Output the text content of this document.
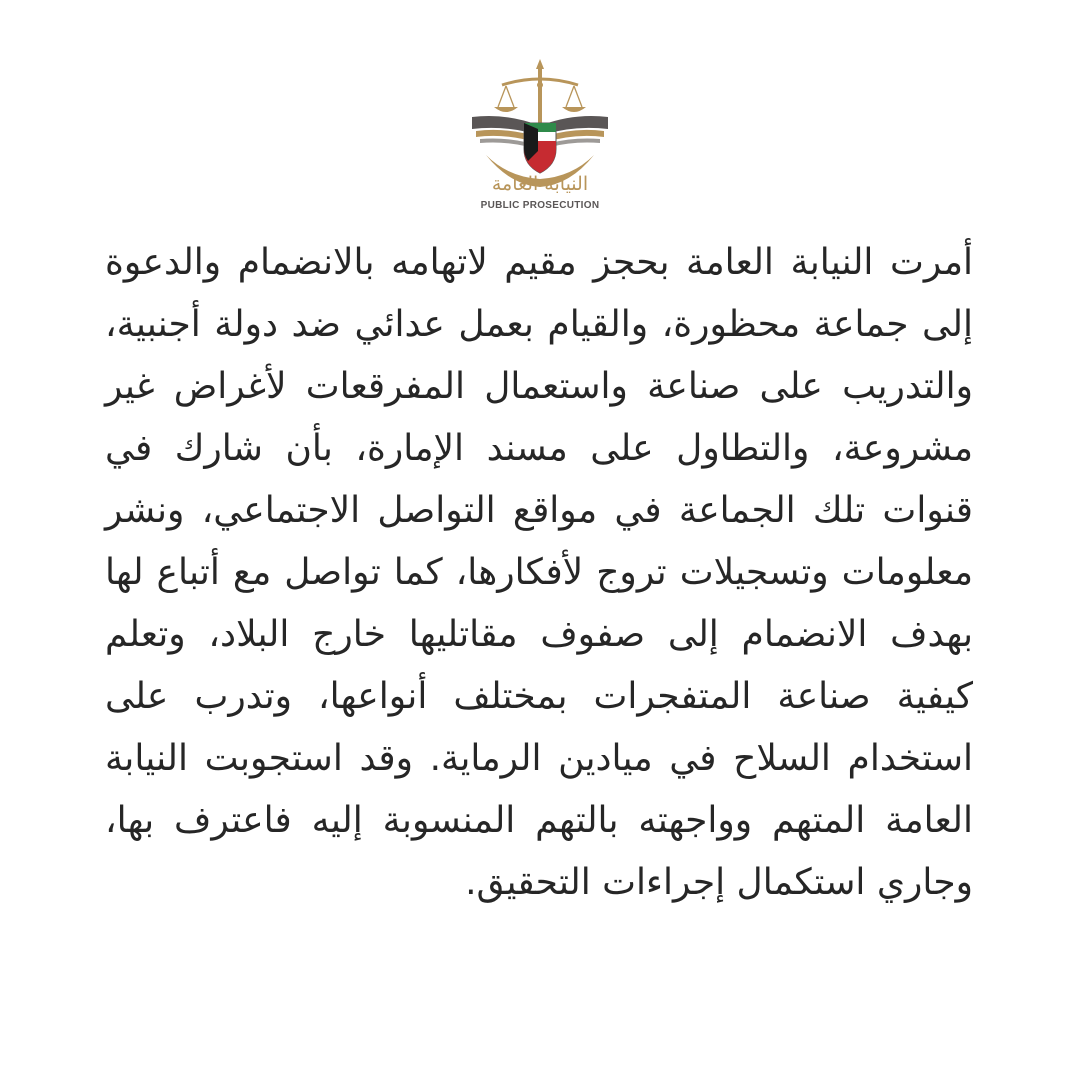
النيابة العامة
PUBLIC PROSECUTION

أمرت النيابة العامة بحجز مقيم لاتهامه بالانضمام والدعوة إلى جماعة محظورة، والقيام بعمل عدائي ضد دولة أجنبية، والتدريب على صناعة واستعمال المفرقعات لأغراض غير مشروعة، والتطاول على مسند الإمارة، بأن شارك في قنوات تلك الجماعة في مواقع التواصل الاجتماعي، ونشر معلومات وتسجيلات تروج لأفكارها، كما تواصل مع أتباع لها بهدف الانضمام إلى صفوف مقاتليها خارج البلاد، وتعلم كيفية صناعة المتفجرات بمختلف أنواعها، وتدرب على استخدام السلاح في ميادين الرماية. وقد استجوبت النيابة العامة المتهم وواجهته بالتهم المنسوبة إليه فاعترف بها، وجاري استكمال إجراءات التحقيق.
